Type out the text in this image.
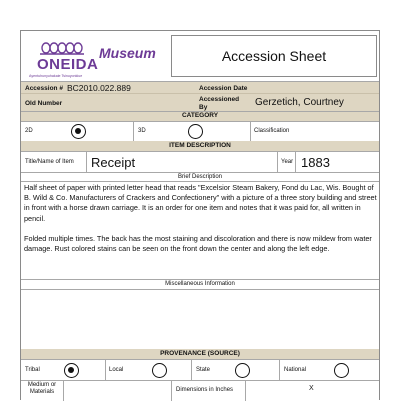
ONEIDA
Ayentuhunyuhakaie Tsinuyonkiue
Museum	Accession Sheet
Accession # BC2010.022.889	Accession Date
Old Number
Accessioned By	Gerzetich, Courtney
CATEGORY
2D	3D	Classification
ITEM DESCRIPTION
Title/Name of Item Receipt	Year 1883
Brief Description
Half sheet of paper with printed letter head that reads "Excelsior Steam Bakery, Fond du Lac, Wis. Bought of B. Wild & Co. Manufacturers of Crackers and Confectionery" with a picture of a three story building and street in front with a horse drawn carriage. It is an order for one item and notes that it was paid for, all written in pencil.
Folded multiple times. The back has the most staining and discoloration and there is now mildew from water damage. Rust colored stains can be seen on the front down the center and along the left edge.
Miscellaneous Information
PROVENANCE (SOURCE)
Tribal	Local	State	National
Medium or Materials	Dimensions in Inches	X
